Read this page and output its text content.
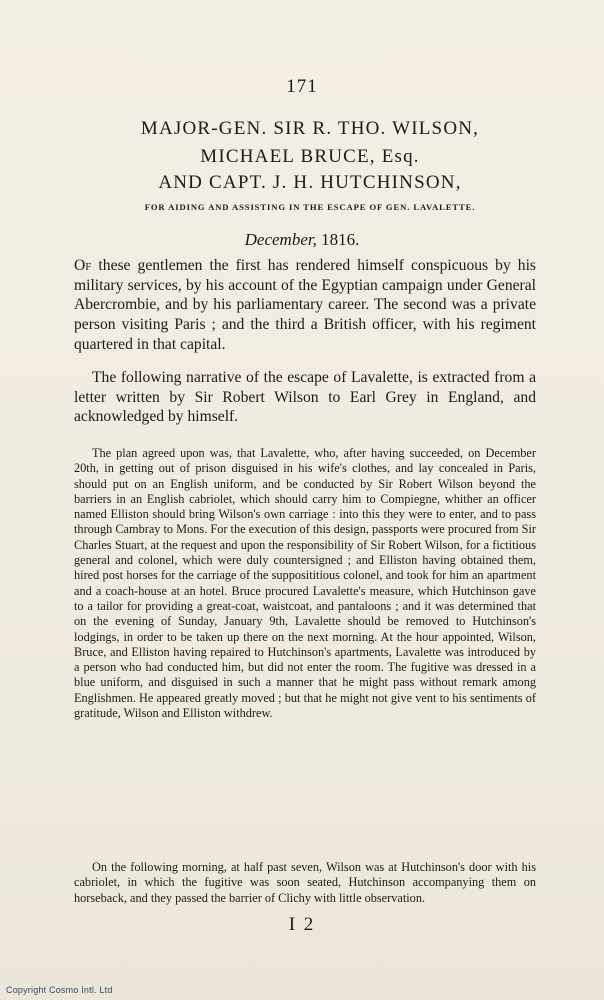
171
MAJOR-GEN. SIR R. THO. WILSON,
MICHAEL BRUCE, Esq.
AND CAPT. J. H. HUTCHINSON,
FOR AIDING AND ASSISTING IN THE ESCAPE OF GEN. LAVALETTE.
December, 1816.
Of these gentlemen the first has rendered himself conspicuous by his military services, by his account of the Egyptian campaign under General Abercrombie, and by his parliamentary career. The second was a private person visiting Paris ; and the third a British officer, with his regiment quartered in that capital.
The following narrative of the escape of Lavalette, is extracted from a letter written by Sir Robert Wilson to Earl Grey in England, and acknowledged by himself.
The plan agreed upon was, that Lavalette, who, after having succeeded, on December 20th, in getting out of prison disguised in his wife's clothes, and lay concealed in Paris, should put on an English uniform, and be conducted by Sir Robert Wilson beyond the barriers in an English cabriolet, which should carry him to Compiegne, whither an officer named Elliston should bring Wilson's own carriage : into this they were to enter, and to pass through Cambray to Mons. For the execution of this design, passports were procured from Sir Charles Stuart, at the request and upon the responsibility of Sir Robert Wilson, for a fictitious general and colonel, which were duly countersigned ; and Elliston having obtained them, hired post horses for the carriage of the supposititious colonel, and took for him an apartment and a coach-house at an hotel. Bruce procured Lavalette's measure, which Hutchinson gave to a tailor for providing a great-coat, waistcoat, and pantaloons ; and it was determined that on the evening of Sunday, January 9th, Lavalette should be removed to Hutchinson's lodgings, in order to be taken up there on the next morning. At the hour appointed, Wilson, Bruce, and Elliston having repaired to Hutchinson's apartments, Lavalette was introduced by a person who had conducted him, but did not enter the room. The fugitive was dressed in a blue uniform, and disguised in such a manner that he might pass without remark among Englishmen. He appeared greatly moved ; but that he might not give vent to his sentiments of gratitude, Wilson and Elliston withdrew.
On the following morning, at half past seven, Wilson was at Hutchinson's door with his cabriolet, in which the fugitive was soon seated, Hutchinson accompanying them on horseback, and they passed the barrier of Clichy with little observation.
I 2
Copyright Cosmo Intl. Ltd
